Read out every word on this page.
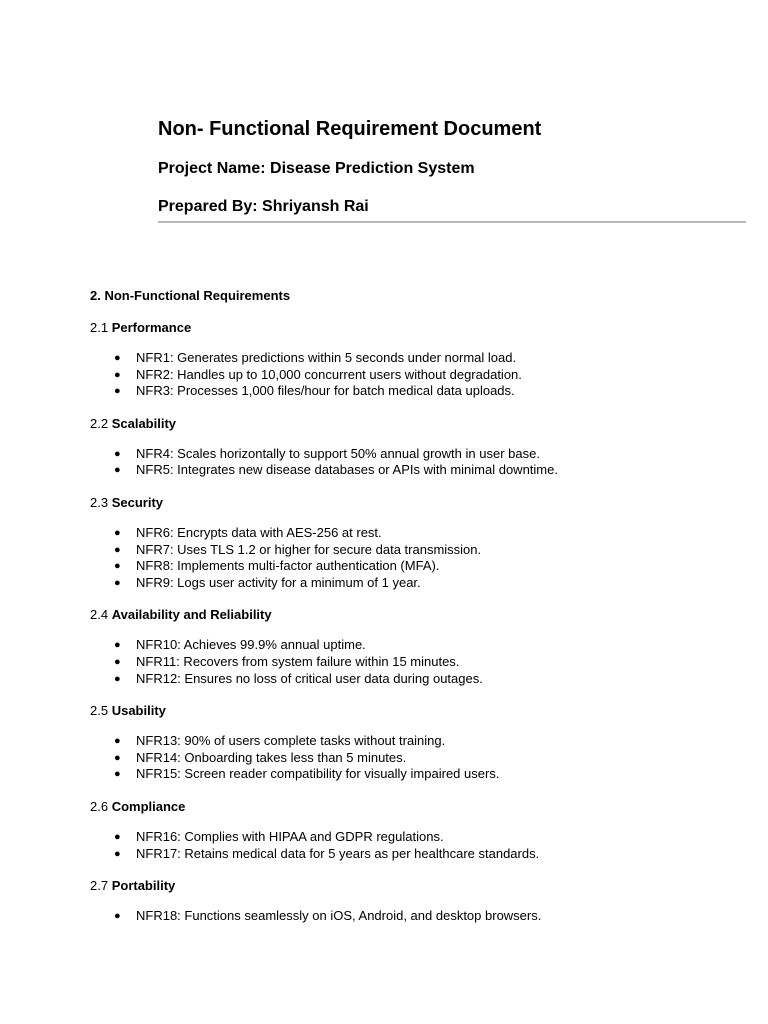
Non- Functional Requirement Document

Project Name: Disease Prediction System

Prepared By: Shriyansh Rai

2. Non-Functional Requirements

2.1 Performance

● NFR1: Generates predictions within 5 seconds under normal load.
● NFR2: Handles up to 10,000 concurrent users without degradation.
● NFR3: Processes 1,000 files/hour for batch medical data uploads.

2.2 Scalability

● NFR4: Scales horizontally to support 50% annual growth in user base.
● NFR5: Integrates new disease databases or APIs with minimal downtime.

2.3 Security

● NFR6: Encrypts data with AES-256 at rest.
● NFR7: Uses TLS 1.2 or higher for secure data transmission.
● NFR8: Implements multi-factor authentication (MFA).
● NFR9: Logs user activity for a minimum of 1 year.

2.4 Availability and Reliability

● NFR10: Achieves 99.9% annual uptime.
● NFR11: Recovers from system failure within 15 minutes.
● NFR12: Ensures no loss of critical user data during outages.

2.5 Usability

● NFR13: 90% of users complete tasks without training.
● NFR14: Onboarding takes less than 5 minutes.
● NFR15: Screen reader compatibility for visually impaired users.

2.6 Compliance

● NFR16: Complies with HIPAA and GDPR regulations.
● NFR17: Retains medical data for 5 years as per healthcare standards.

2.7 Portability

● NFR18: Functions seamlessly on iOS, Android, and desktop browsers.
